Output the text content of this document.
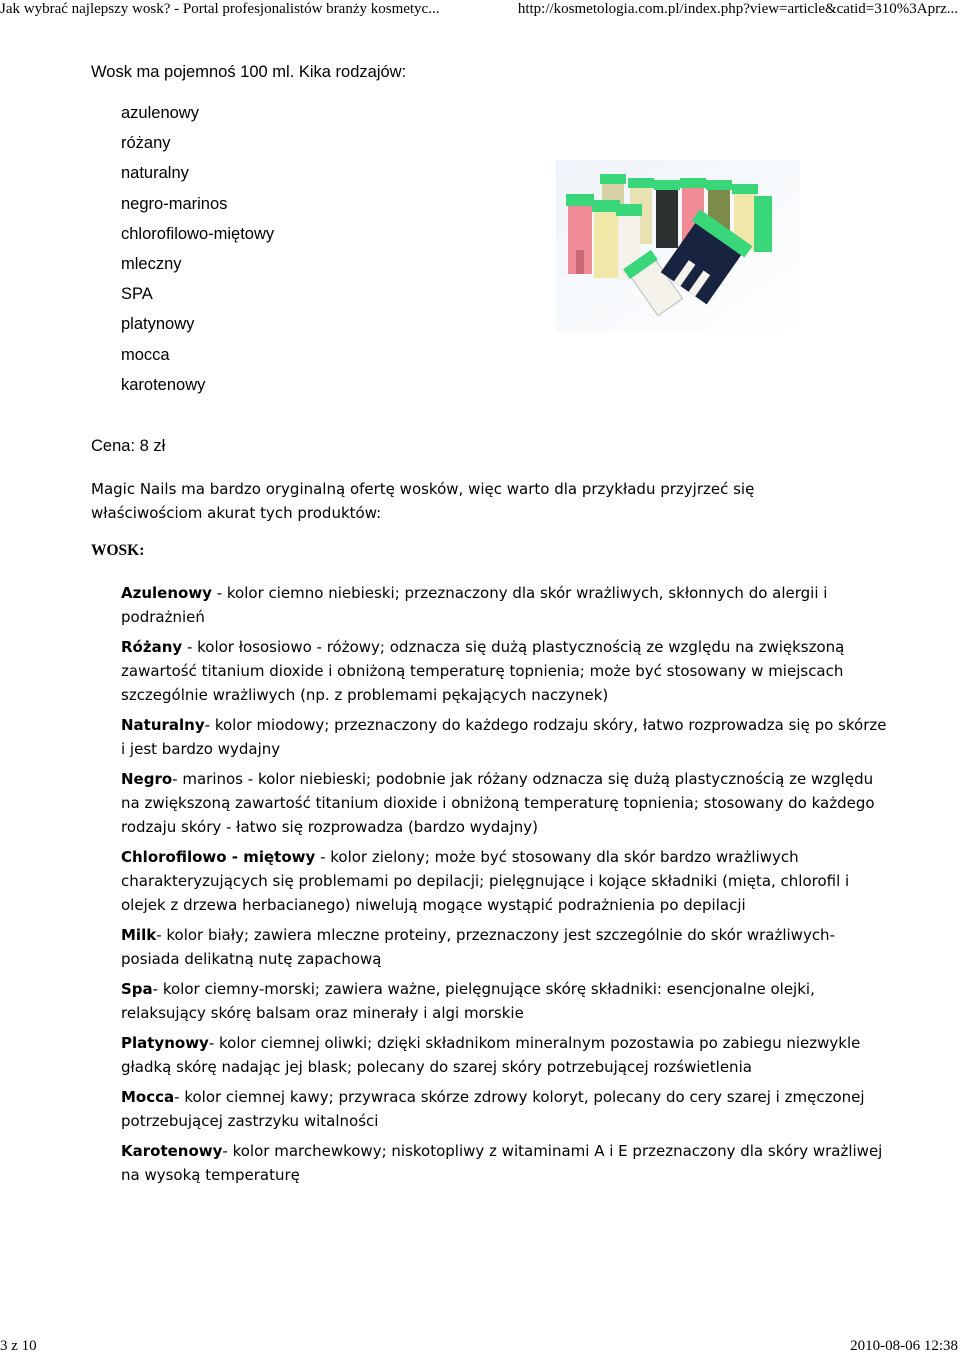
Jak wybrać najlepszy wosk? - Portal profesjonalistów branży kosmetyc...	http://kosmetologia.com.pl/index.php?view=article&catid=310%3Aprz...
Wosk ma pojemnoś 100 ml. Kika rodzajów:
azulenowy
różany
naturalny
negro-marinos
chlorofilowo-miętowy
mleczny
SPA
platynowy
mocca
karotenowy
Cena: 8 zł

Magic Nails ma bardzo oryginalną ofertę wosków, więc warto dla przykładu przyjrzeć się właściwościom akurat tych produktów:

WOSK:

Azulenowy - kolor ciemno niebieski; przeznaczony dla skór wrażliwych, skłonnych do alergii i podrażnień

Różany - kolor łososiowo - różowy; odznacza się dużą plastycznością ze względu na zwiększoną zawartość titanium dioxide i obniżoną temperaturę topnienia; może być stosowany w miejscach szczególnie wrażliwych (np. z problemami pękających naczynek)

Naturalny- kolor miodowy; przeznaczony do każdego rodzaju skóry, łatwo rozprowadza się po skórze i jest bardzo wydajny

Negro- marinos - kolor niebieski; podobnie jak różany odznacza się dużą plastycznością ze względu na zwiększoną zawartość titanium dioxide i obniżoną temperaturę topnienia; stosowany do każdego rodzaju skóry - łatwo się rozprowadza (bardzo wydajny)

Chlorofilowo - miętowy - kolor zielony; może być stosowany dla skór bardzo wrażliwych charakteryzujących się problemami po depilacji; pielęgnujące i kojące składniki (mięta, chlorofil i olejek z drzewa herbacianego) niwelują mogące wystąpić podrażnienia po depilacji

Milk- kolor biały; zawiera mleczne proteiny, przeznaczony jest szczególnie do skór wrażliwych-posiada delikatną nutę zapachową

Spa- kolor ciemny-morski; zawiera ważne, pielęgnujące skórę składniki: esencjonalne olejki, relaksujący skórę balsam oraz minerały i algi morskie

Platynowy- kolor ciemnej oliwki; dzięki składnikom mineralnym pozostawia po zabiegu niezwykle gładką skórę nadając jej blask; polecany do szarej skóry potrzebującej rozświetlenia

Mocca- kolor ciemnej kawy; przywraca skórze zdrowy koloryt, polecany do cery szarej i zmęczonej potrzebującej zastrzyku witalności

Karotenowy- kolor marchewkowy; niskotopliwy z witaminami A i E przeznaczony dla skóry wrażliwej na wysoką temperaturę

3 z 10	2010-08-06 12:38
